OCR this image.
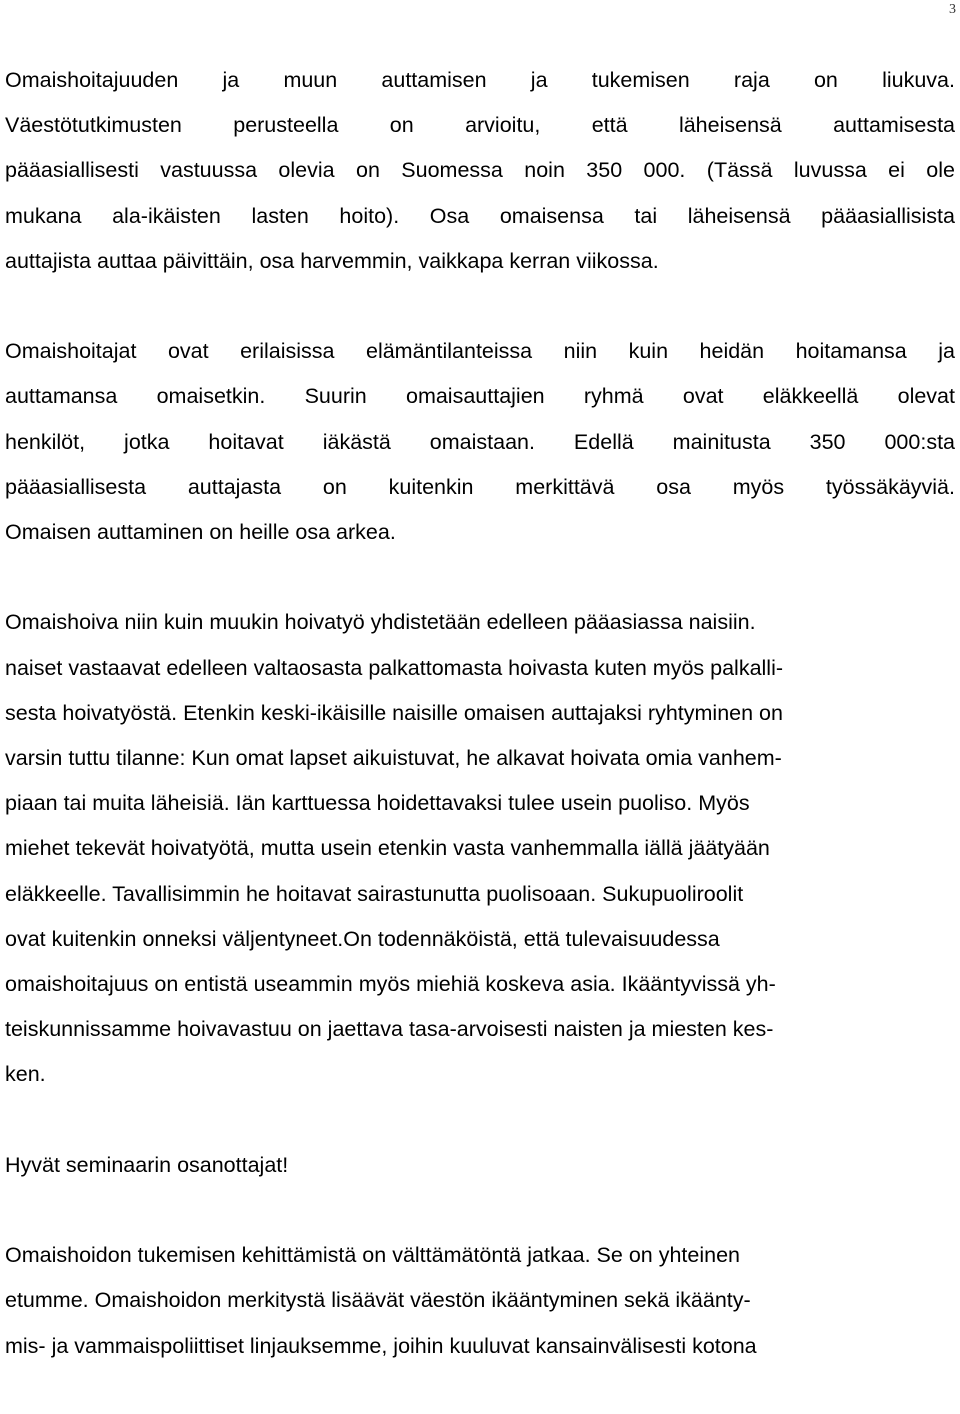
3
Omaishoitajuuden ja muun auttamisen ja tukemisen raja on liukuva.
Väestötutkimusten perusteella on arvioitu, että läheisensä auttamisesta
pääasiallisesti vastuussa olevia on Suomessa noin 350 000. (Tässä luvussa ei ole
mukana ala-ikäisten lasten hoito). Osa omaisensa tai läheisensä pääasiallisista
auttajista auttaa päivittäin, osa harvemmin, vaikkapa kerran viikossa.
Omaishoitajat ovat erilaisissa elämäntilanteissa niin kuin heidän hoitamansa ja
auttamansa omaisetkin. Suurin omaisauttajien ryhmä ovat eläkkeellä olevat
henkilöt, jotka hoitavat iäkästä omaistaan. Edellä mainitusta 350 000:sta
pääasiallisesta auttajasta on kuitenkin merkittävä osa myös työssäkäyviä.
Omaisen auttaminen on heille osa arkea.
Omaishoiva niin kuin muukin hoivatyö yhdistetään edelleen pääasiassa naisiin.
naiset vastaavat edelleen valtaosasta palkattomasta hoivasta kuten myös palkalli-
sesta hoivatyöstä. Etenkin keski-ikäisille naisille omaisen auttajaksi ryhtyminen on
varsin tuttu tilanne: Kun omat lapset aikuistuvat, he alkavat hoivata omia vanhem-
piaan tai muita läheisiä. Iän karttuessa hoidettavaksi tulee usein puoliso. Myös
miehet tekevät hoivatyötä, mutta usein etenkin vasta vanhemmalla iällä jäätyään
eläkkeelle. Tavallisimmin he hoitavat sairastunutta puolisoaan. Sukupuoliroolit
ovat kuitenkin onneksi väljentyneet.On todennäköistä, että tulevaisuudessa
omaishoitajuus on entistä useammin myös miehiä koskeva asia. Ikääntyvissä yh-
teiskunnissamme hoivavastuu on jaettava tasa-arvoisesti naisten ja miesten kes-
ken.
Hyvät seminaarin osanottajat!
Omaishoidon tukemisen kehittämistä on välttämätöntä jatkaa. Se on yhteinen
etumme. Omaishoidon merkitystä lisäävät väestön ikääntyminen sekä ikäänty-
mis- ja vammaispoliittiset linjauksemme, joihin kuuluvat kansainvälisesti kotona
